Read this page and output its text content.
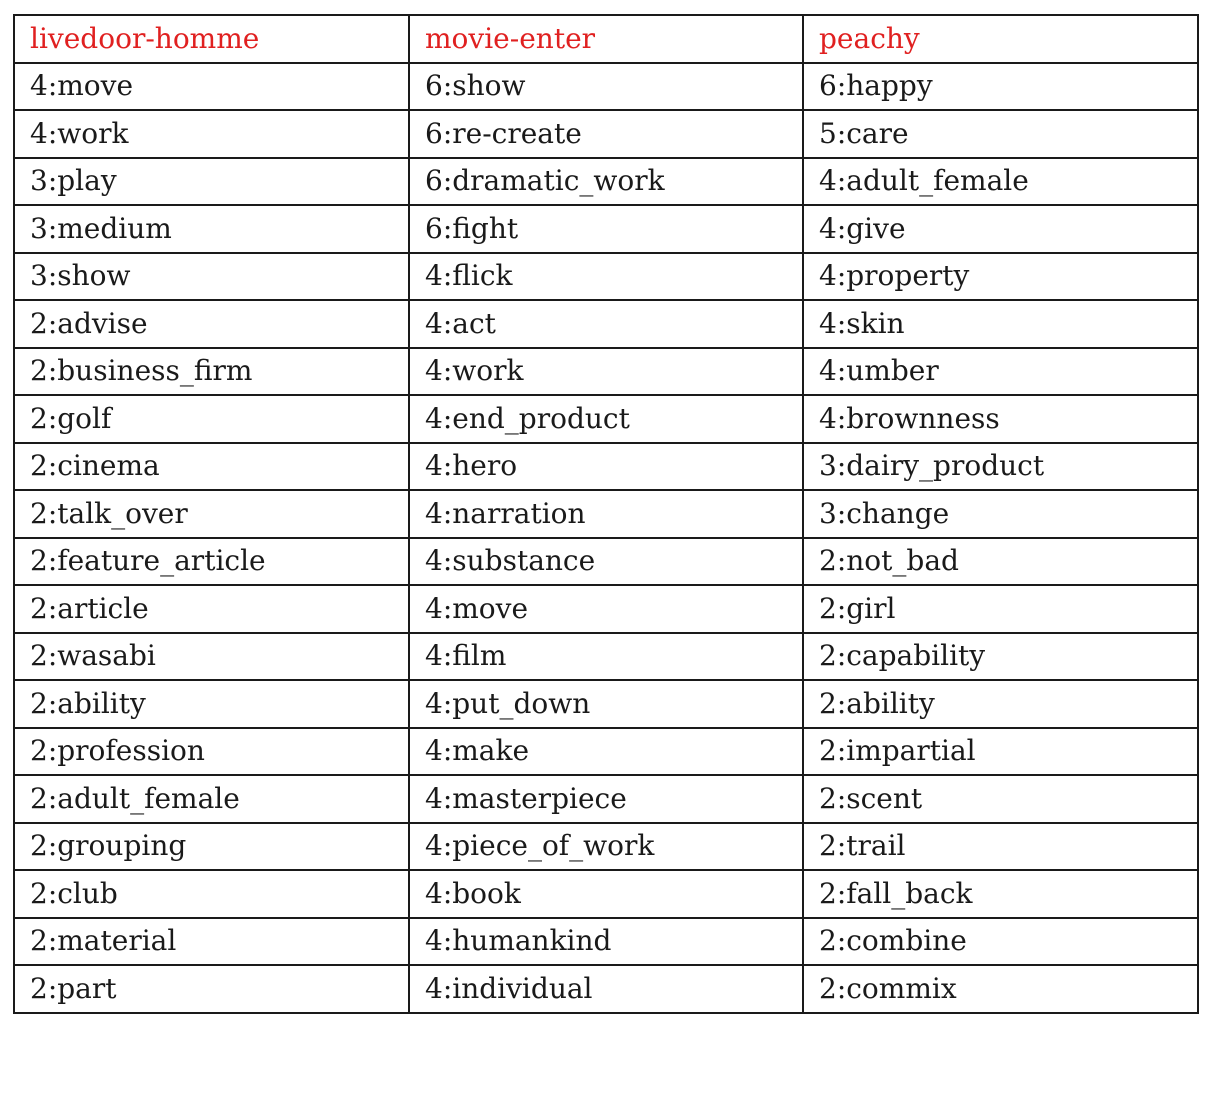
livedoor-homme	movie-enter	peachy
4:move	6:show	6:happy
4:work	6:re-create	5:care
3:play	6:dramatic_work	4:adult_female
3:medium	6:fight	4:give
3:show	4:flick	4:property
2:advise	4:act	4:skin
2:business_firm	4:work	4:umber
2:golf	4:end_product	4:brownness
2:cinema	4:hero	3:dairy_product
2:talk_over	4:narration	3:change
2:feature_article	4:substance	2:not_bad
2:article	4:move	2:girl
2:wasabi	4:film	2:capability
2:ability	4:put_down	2:ability
2:profession	4:make	2:impartial
2:adult_female	4:masterpiece	2:scent
2:grouping	4:piece_of_work	2:trail
2:club	4:book	2:fall_back
2:material	4:humankind	2:combine
2:part	4:individual	2:commix
